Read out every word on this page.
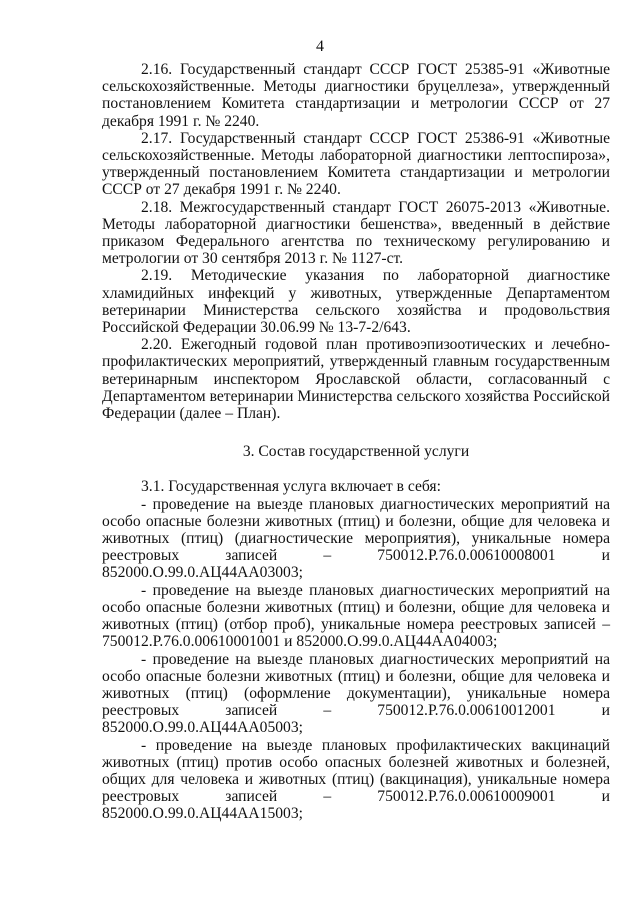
4

2.16. Государственный стандарт СССР ГОСТ 25385-91 «Животные сельскохозяйственные. Методы диагностики бруцеллеза», утвержденный постановлением Комитета стандартизации и метрологии СССР от 27 декабря 1991 г. № 2240.

2.17. Государственный стандарт СССР ГОСТ 25386-91 «Животные сельскохозяйственные. Методы лабораторной диагностики лептоспироза», утвержденный постановлением Комитета стандартизации и метрологии СССР от 27 декабря 1991 г. № 2240.

2.18. Межгосударственный стандарт ГОСТ 26075-2013 «Животные. Методы лабораторной диагностики бешенства», введенный в действие приказом Федерального агентства по техническому регулированию и метрологии от 30 сентября 2013 г. № 1127-ст.

2.19. Методические указания по лабораторной диагностике хламидийных инфекций у животных, утвержденные Департаментом ветеринарии Министерства сельского хозяйства и продовольствия Российской Федерации 30.06.99 № 13-7-2/643.

2.20. Ежегодный годовой план противоэпизоотических и лечебно-профилактических мероприятий, утвержденный главным государственным ветеринарным инспектором Ярославской области, согласованный с Департаментом ветеринарии Министерства сельского хозяйства Российской Федерации (далее – План).

3. Состав государственной услуги

3.1. Государственная услуга включает в себя:

- проведение на выезде плановых диагностических мероприятий на особо опасные болезни животных (птиц) и болезни, общие для человека и животных (птиц) (диагностические мероприятия), уникальные номера реестровых записей – 750012.Р.76.0.00610008001 и 852000.О.99.0.АЦ44АА03003;

- проведение на выезде плановых диагностических мероприятий на особо опасные болезни животных (птиц) и болезни, общие для человека и животных (птиц) (отбор проб), уникальные номера реестровых записей – 750012.Р.76.0.00610001001 и 852000.О.99.0.АЦ44АА04003;

- проведение на выезде плановых диагностических мероприятий на особо опасные болезни животных (птиц) и болезни, общие для человека и животных (птиц) (оформление документации), уникальные номера реестровых записей – 750012.Р.76.0.00610012001 и 852000.О.99.0.АЦ44АА05003;

- проведение на выезде плановых профилактических вакцинаций животных (птиц) против особо опасных болезней животных и болезней, общих для человека и животных (птиц) (вакцинация), уникальные номера реестровых записей – 750012.Р.76.0.00610009001 и 852000.О.99.0.АЦ44АА15003;
